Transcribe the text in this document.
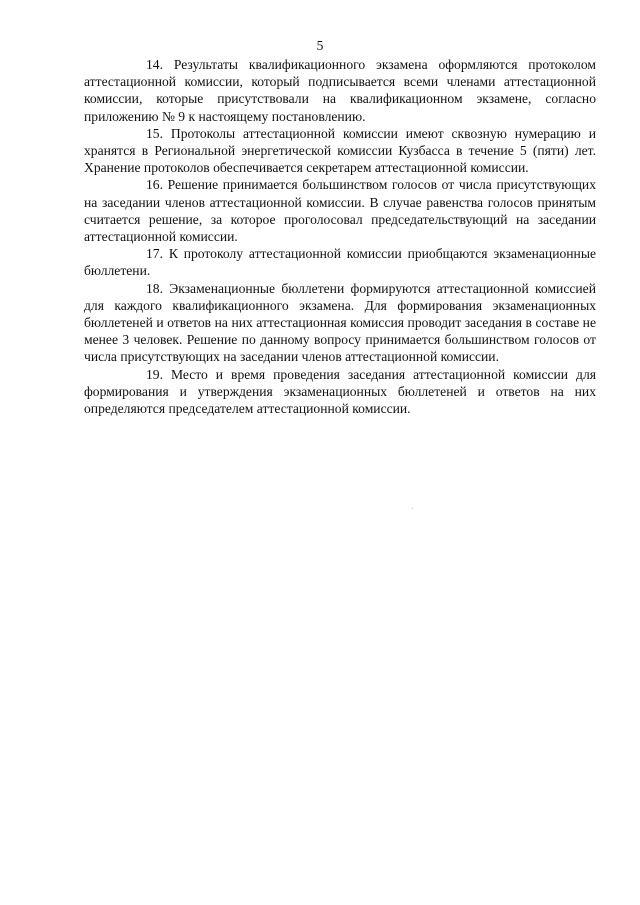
5

14. Результаты квалификационного экзамена оформляются протоколом аттестационной комиссии, который подписывается всеми членами аттестационной комиссии, которые присутствовали на квалификационном экзамене, согласно приложению № 9 к настоящему постановлению.

15. Протоколы аттестационной комиссии имеют сквозную нумерацию и хранятся в Региональной энергетической комиссии Кузбасса в течение 5 (пяти) лет. Хранение протоколов обеспечивается секретарем аттестационной комиссии.

16. Решение принимается большинством голосов от числа присутствующих на заседании членов аттестационной комиссии. В случае равенства голосов принятым считается решение, за которое проголосовал председательствующий на заседании аттестационной комиссии.

17. К протоколу аттестационной комиссии приобщаются экзаменационные бюллетени.

18. Экзаменационные бюллетени формируются аттестационной комиссией для каждого квалификационного экзамена. Для формирования экзаменационных бюллетеней и ответов на них аттестационная комиссия проводит заседания в составе не менее 3 человек. Решение по данному вопросу принимается большинством голосов от числа присутствующих на заседании членов аттестационной комиссии.

19. Место и время проведения заседания аттестационной комиссии для формирования и утверждения экзаменационных бюллетеней и ответов на них определяются председателем аттестационной комиссии.
